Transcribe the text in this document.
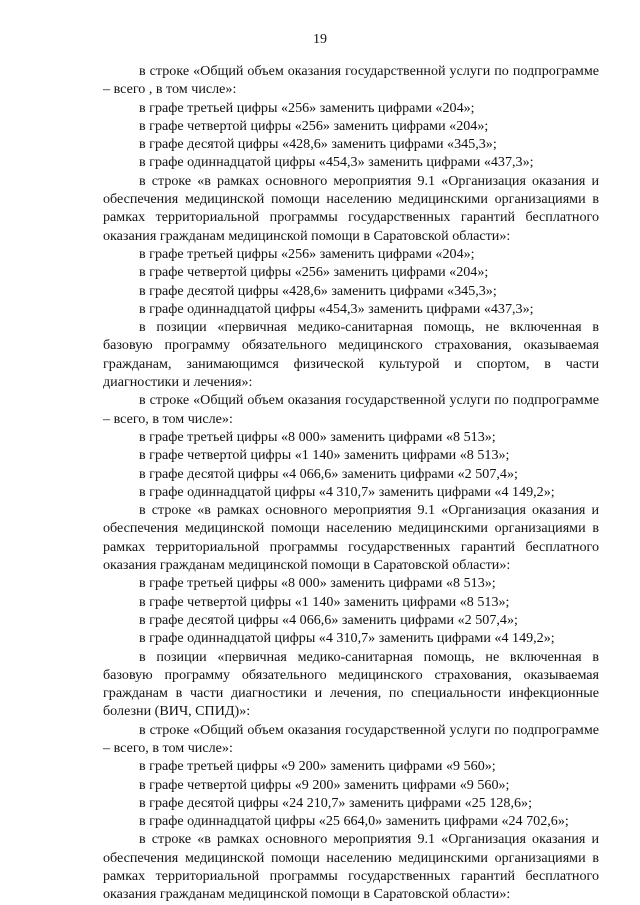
19

в строке «Общий объем оказания государственной услуги по подпрограмме – всего , в том числе»:

в графе третьей цифры «256» заменить цифрами «204»;

в графе четвертой цифры «256» заменить цифрами «204»;

в графе десятой цифры «428,6» заменить цифрами «345,3»;

в графе одиннадцатой цифры «454,3» заменить цифрами «437,3»;

в строке «в рамках основного мероприятия 9.1 «Организация оказания и обеспечения медицинской помощи населению медицинскими организациями в рамках территориальной программы государственных гарантий бесплатного оказания гражданам медицинской помощи в Саратовской области»:

в графе третьей цифры «256» заменить цифрами «204»;

в графе четвертой цифры «256» заменить цифрами «204»;

в графе десятой цифры «428,6» заменить цифрами «345,3»;

в графе одиннадцатой цифры «454,3» заменить цифрами «437,3»;

в позиции «первичная медико-санитарная помощь, не включенная в базовую программу обязательного медицинского страхования, оказываемая гражданам, занимающимся физической культурой и спортом, в части диагностики и лечения»:

в строке «Общий объем оказания государственной услуги по подпрограмме – всего, в том числе»:

в графе третьей цифры «8 000» заменить цифрами «8 513»;

в графе четвертой цифры «1 140» заменить цифрами «8 513»;

в графе десятой цифры «4 066,6» заменить цифрами «2 507,4»;

в графе одиннадцатой цифры «4 310,7» заменить цифрами «4 149,2»;

в строке «в рамках основного мероприятия 9.1 «Организация оказания и обеспечения медицинской помощи населению медицинскими организациями в рамках территориальной программы государственных гарантий бесплатного оказания гражданам медицинской помощи в Саратовской области»:

в графе третьей цифры «8 000» заменить цифрами «8 513»;

в графе четвертой цифры «1 140» заменить цифрами «8 513»;

в графе десятой цифры «4 066,6» заменить цифрами «2 507,4»;

в графе одиннадцатой цифры «4 310,7» заменить цифрами «4 149,2»;

в позиции «первичная медико-санитарная помощь, не включенная в базовую программу обязательного медицинского страхования, оказываемая гражданам в части диагностики и лечения, по специальности инфекционные болезни (ВИЧ, СПИД)»:

в строке «Общий объем оказания государственной услуги по подпрограмме – всего, в том числе»:

в графе третьей цифры «9 200» заменить цифрами «9 560»;

в графе четвертой цифры «9 200» заменить цифрами «9 560»;

в графе десятой цифры «24 210,7» заменить цифрами «25 128,6»;

в графе одиннадцатой цифры «25 664,0» заменить цифрами «24 702,6»;

в строке «в рамках основного мероприятия 9.1 «Организация оказания и обеспечения медицинской помощи населению медицинскими организациями в рамках территориальной программы государственных гарантий бесплатного оказания гражданам медицинской помощи в Саратовской области»:
